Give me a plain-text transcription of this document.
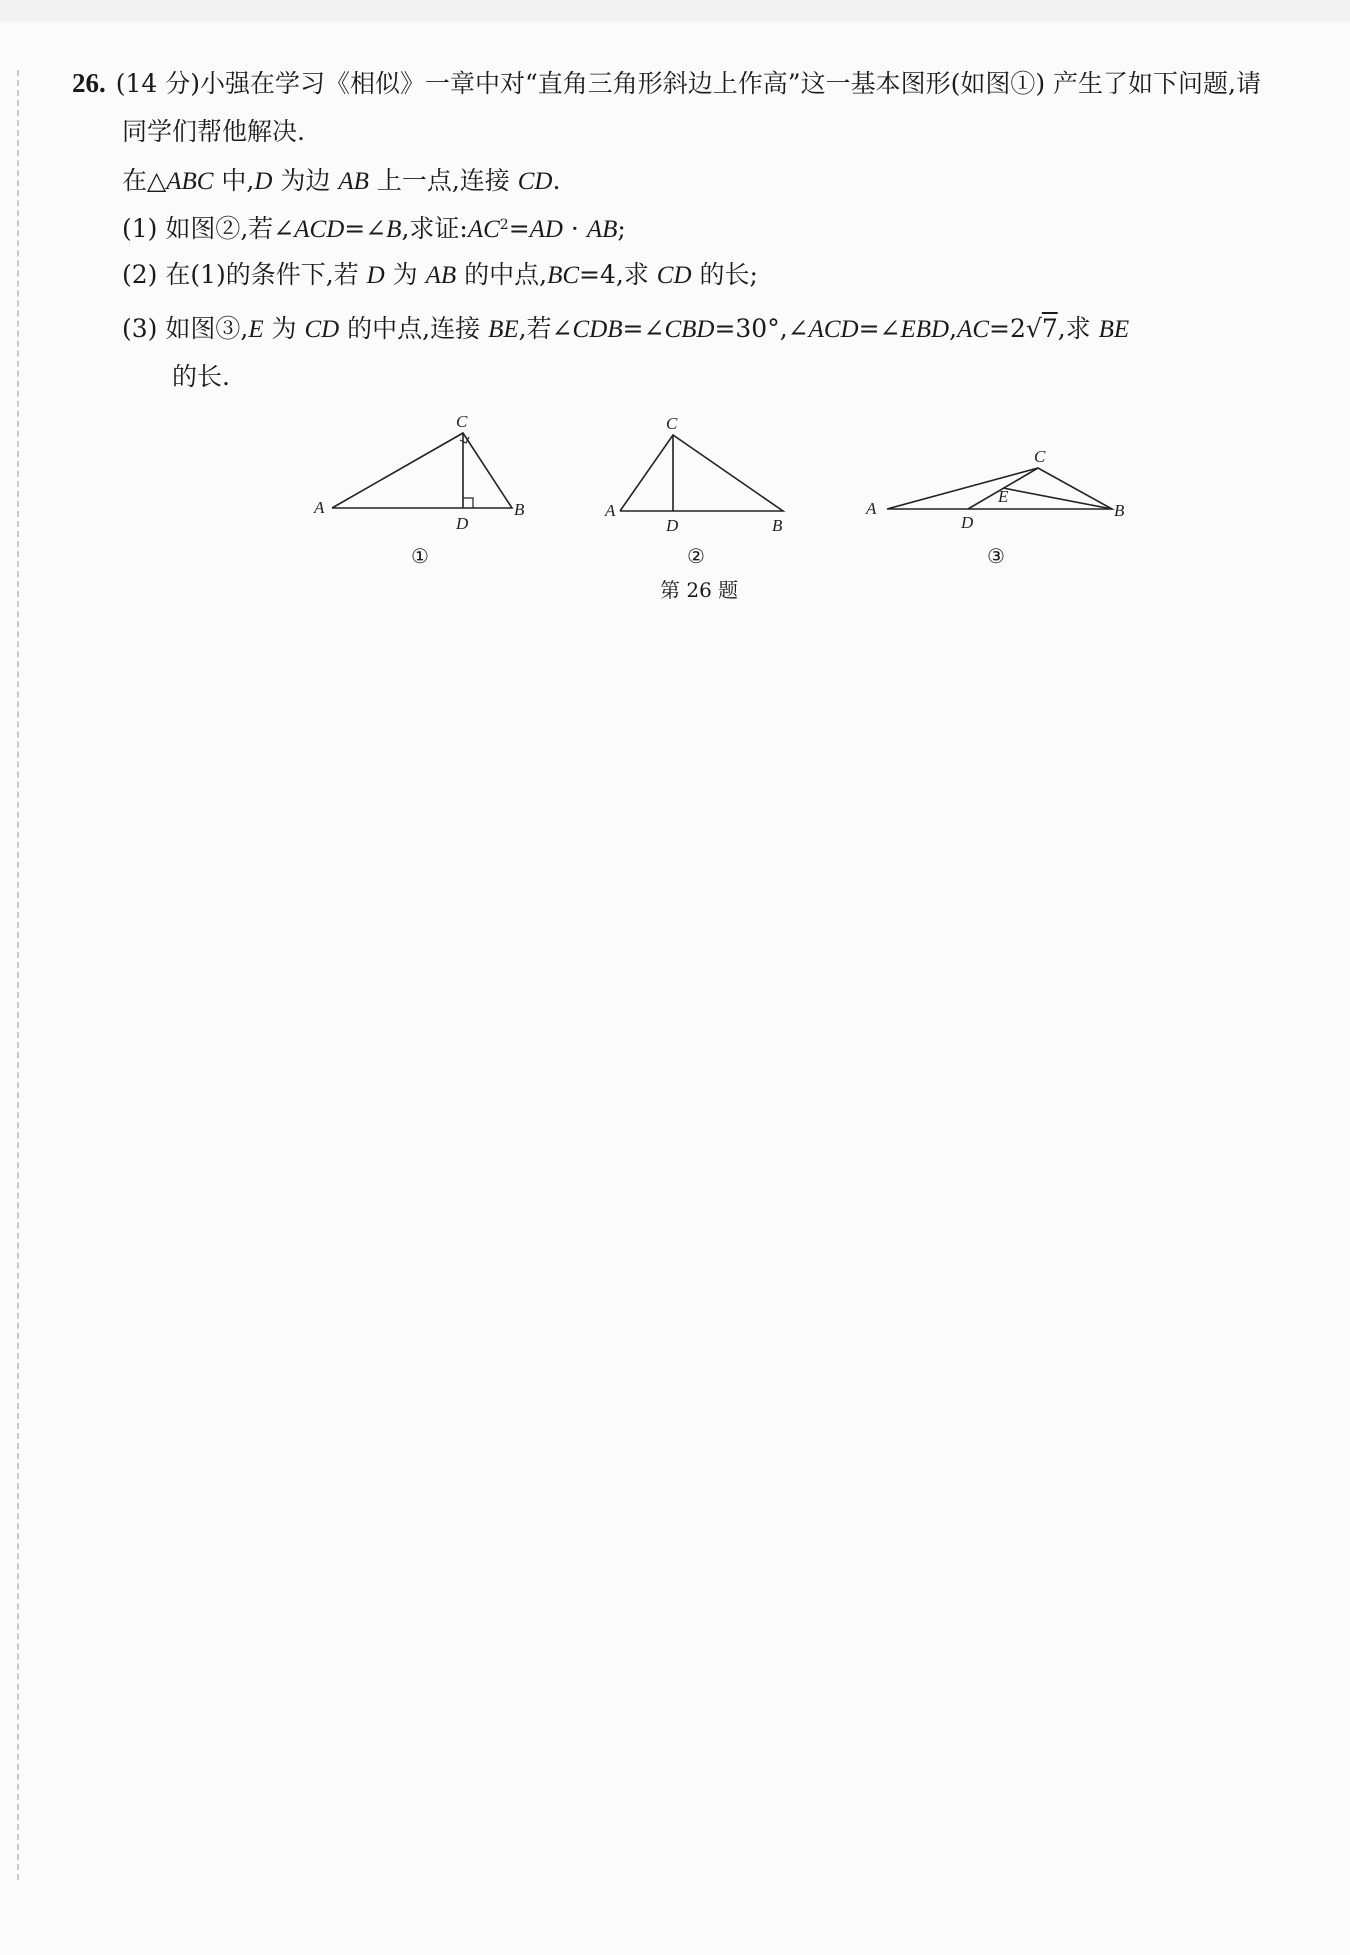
26. (14 分)小强在学习《相似》一章中对“直角三角形斜边上作高”这一基本图形(如图①) 产生了如下问题,请
同学们帮他解决.
在△ABC 中,D 为边 AB 上一点,连接 CD.
(1) 如图②,若∠ACD=∠B,求证$:AC^2=AD$ · AB;
(2) 在(1)的条件下,若 D 为 AB 的中点,BC=4,求 CD 的长;
(3) 如图③,E 为 CD 的中点,连接 BE,若∠CDB=∠CBD=30°,∠ACD=∠EBD,AC=2√7,求 BE
的长.
C
A	B
D
①
C
A
B
D
②
C
A	B
D
E
③
第 26 题
